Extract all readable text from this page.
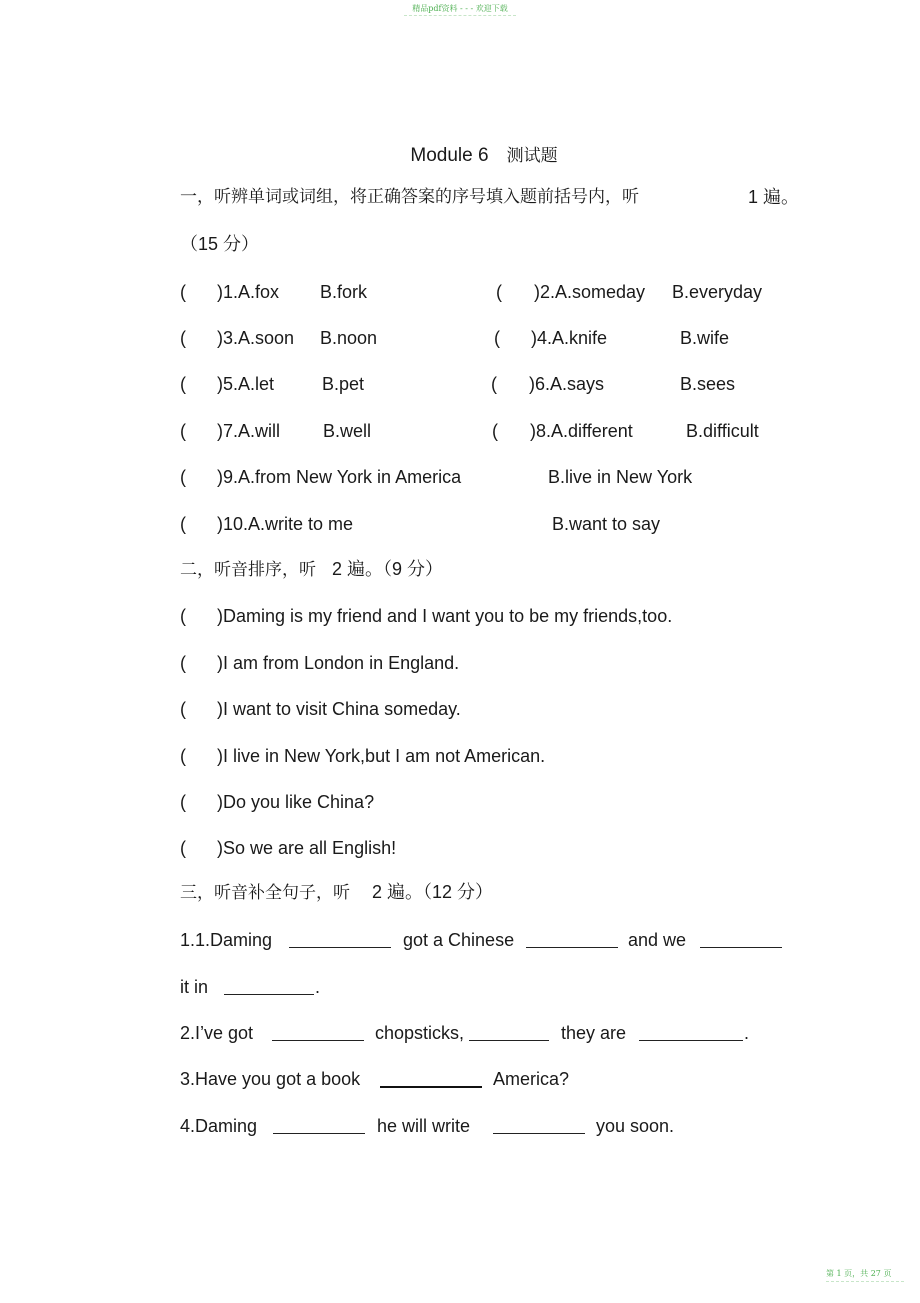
精品pdf资料 - - - 欢迎下载
第 1 页，共 27 页
Module 6 测试题
一，听辨单词或词组，将正确答案的序号填入题前括号内，听	1 遍。
（15 分）
( )1.A.fox B.fork	( )2.A.someday B.everyday
( )3.A.soon B.noon	( )4.A.knife	B.wife
( )5.A.let	B.pet	( )6.A.says	B.sees
( )7.A.will B.well	( )8.A.different	B.difficult
( )9.A.from New York in America	B.live in New York
( )10.A.write to me	B.want to say
二，听音排序，听 2 遍。（9 分）
( )Daming is my friend and I want you to be my friends,too.
( )I am from London in England.
( )I want to visit China someday.
( )I live in New York,but I am not American.
( )Do you like China?
( )So we are all English!
三，听音补全句子，听 2 遍。（12 分）
1.1.Daming	got a Chinese	and we
it in	.
2.I’ve got	chopsticks,	they are	.
3.Have you got a book	America?
4.Daming	he will write	you soon.
